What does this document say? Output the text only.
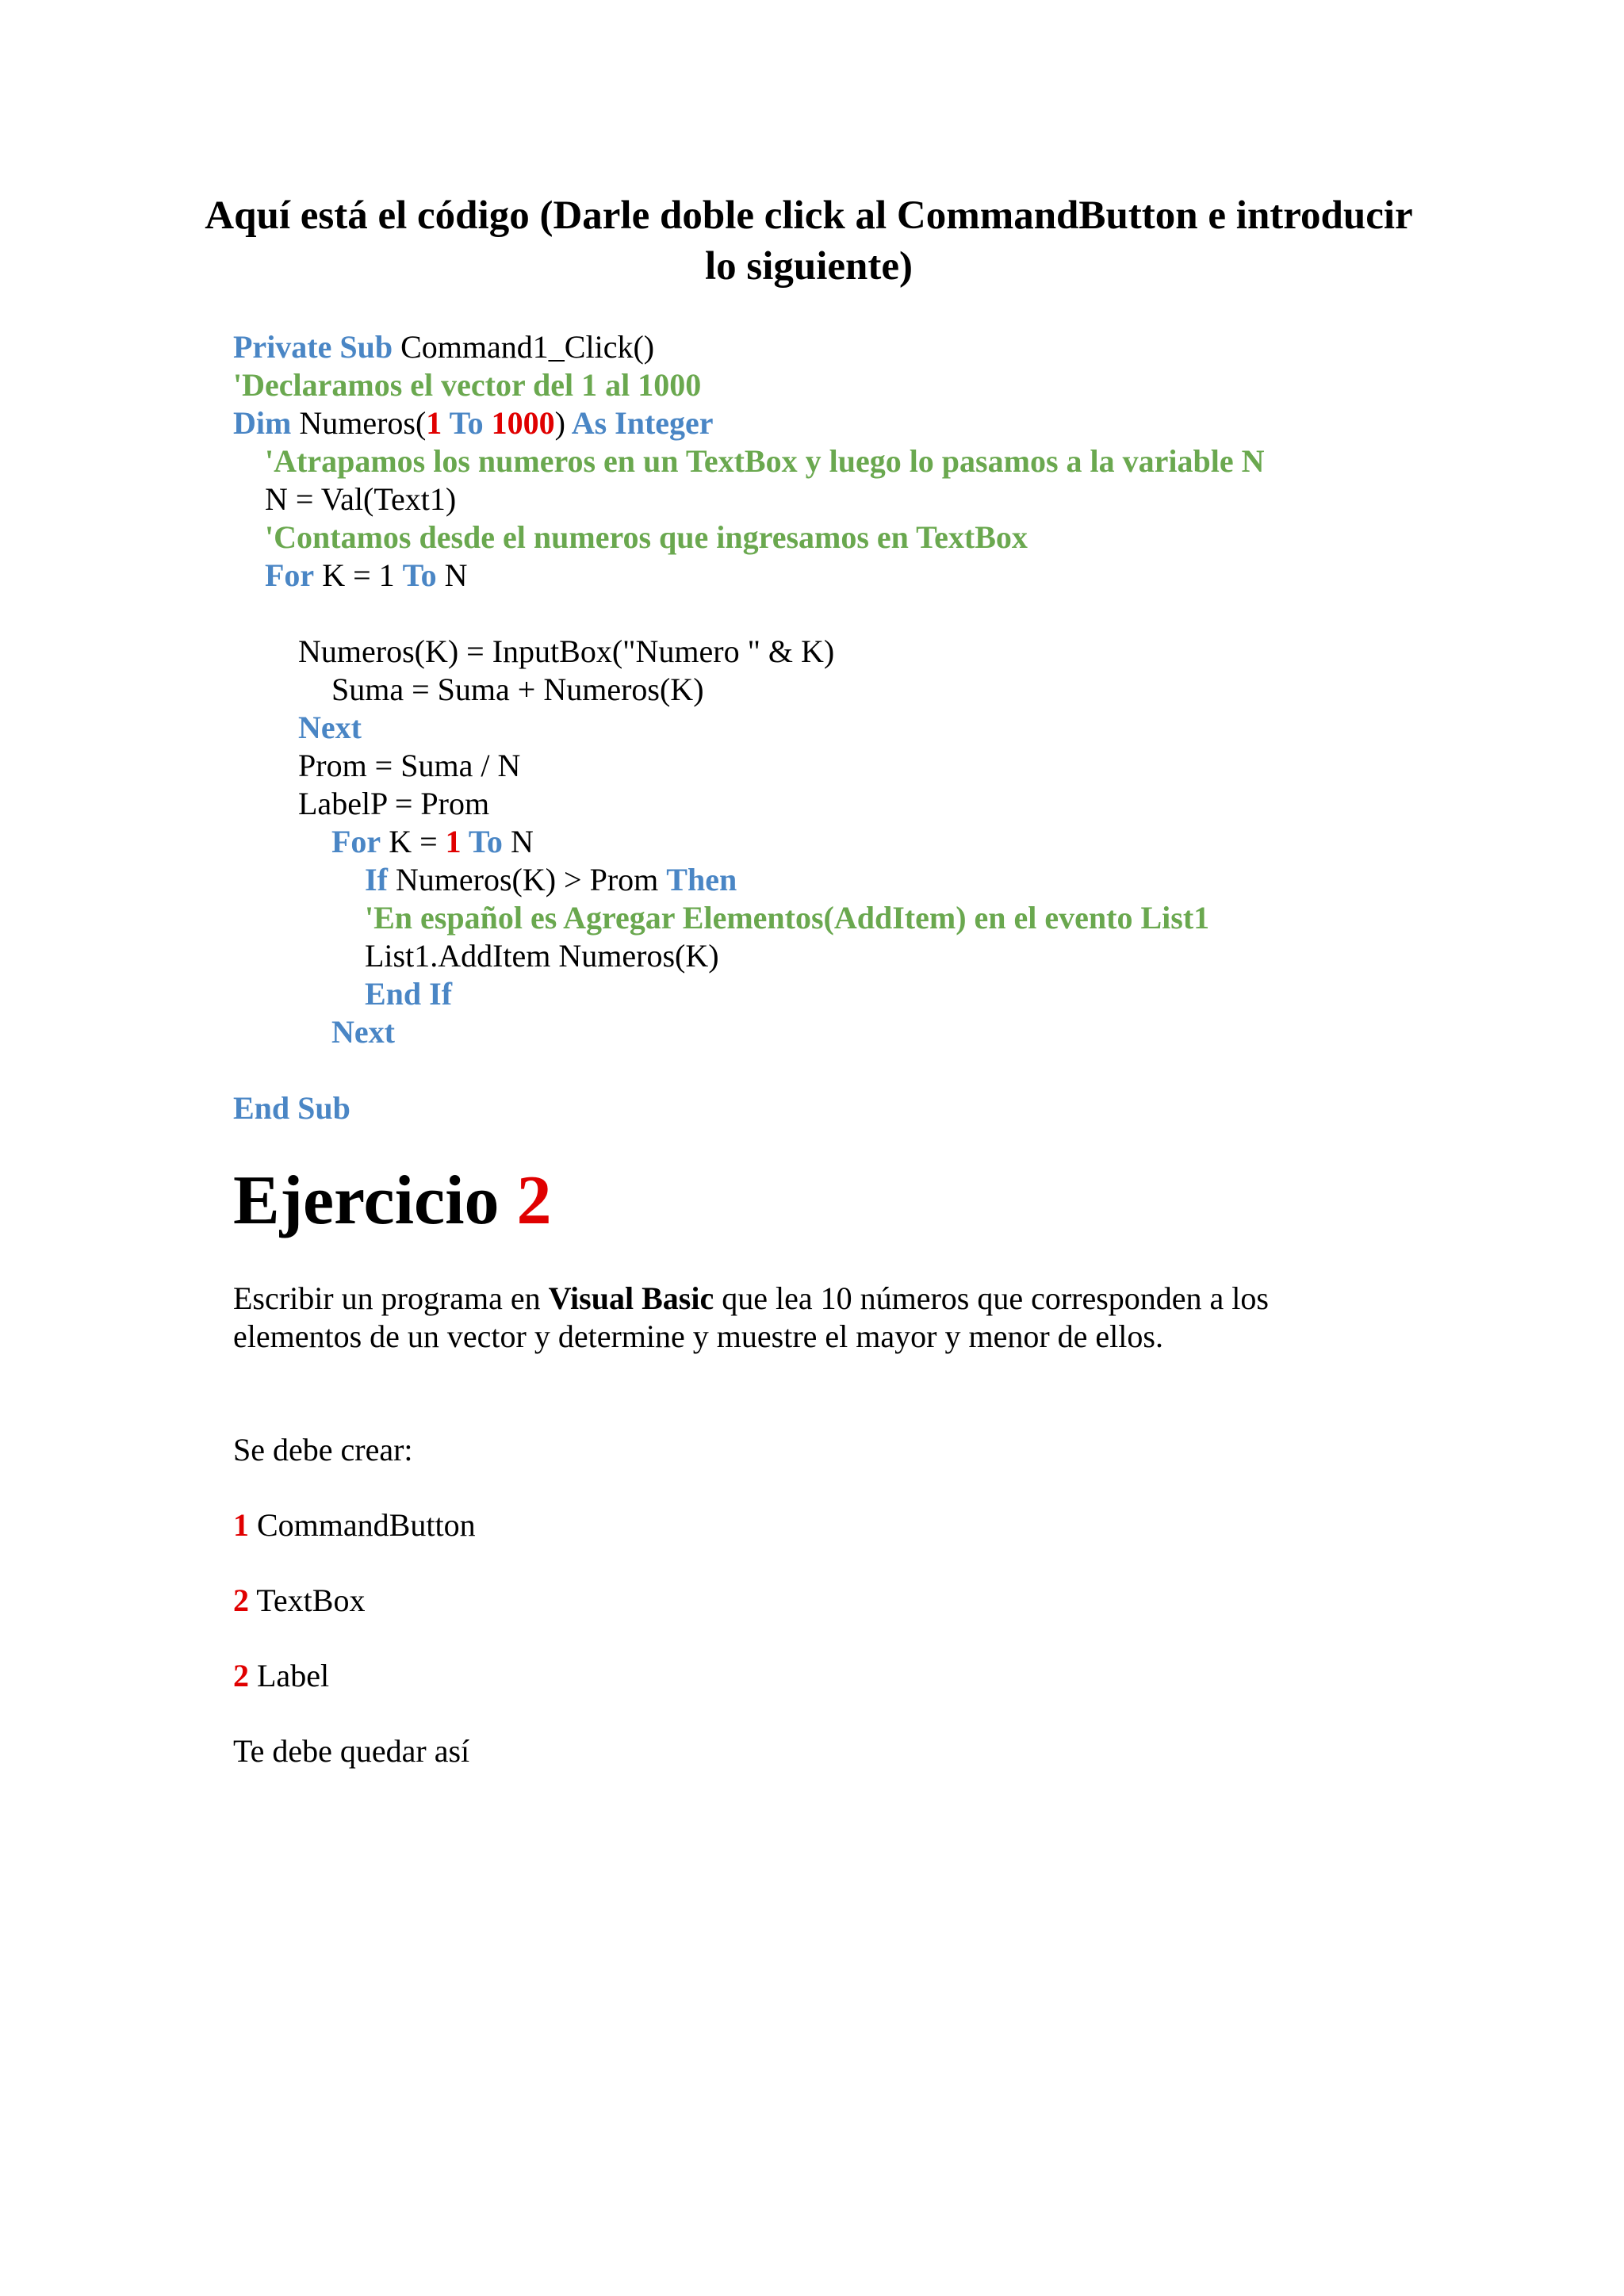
Aquí está el código (Darle doble click al CommandButton e introducir lo siguiente)
Private Sub Command1_Click()
'Declaramos el vector del 1 al 1000
Dim Numeros(1 To 1000) As Integer
'Atrapamos los numeros en un TextBox y luego lo pasamos a la variable N
N = Val(Text1)
'Contamos desde el numeros que ingresamos en TextBox
For K = 1 To N
Numeros(K) = InputBox("Numero " & K)
Suma = Suma + Numeros(K)
Next
Prom = Suma / N
LabelP = Prom
For K = 1 To N
If Numeros(K) > Prom Then
'En español es Agregar Elementos(AddItem) en el evento List1
List1.AddItem Numeros(K)
End If
Next
End Sub
Ejercicio 2

Escribir un programa en Visual Basic que lea 10 números que corresponden a los

elementos de un vector y determine y muestre el mayor y menor de ellos.

Se debe crear:

1 CommandButton

2 TextBox

2 Label

Te debe quedar así
